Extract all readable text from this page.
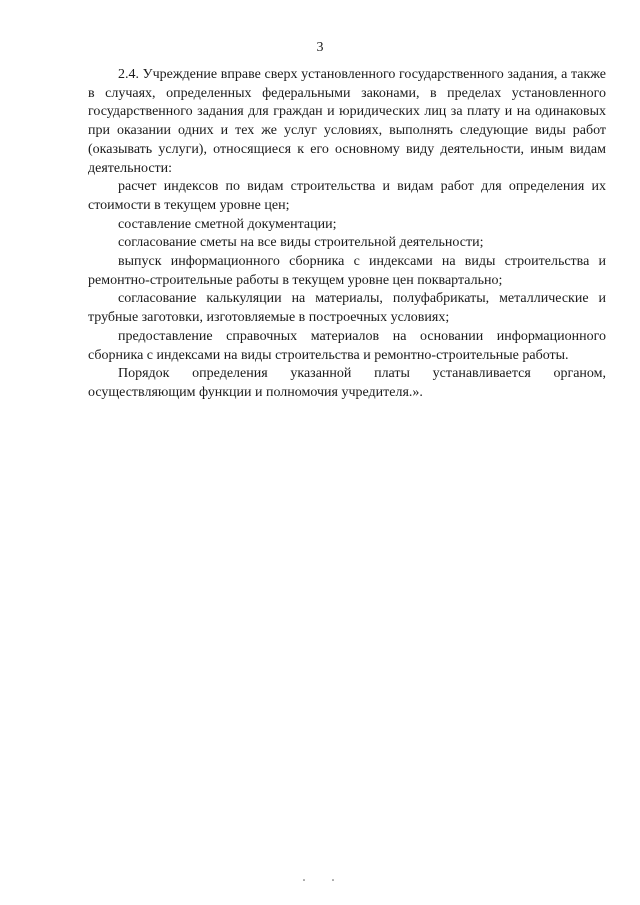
3

2.4. Учреждение вправе сверх установленного государственного задания, а также в случаях, определенных федеральными законами, в пределах установленного государственного задания для граждан и юридических лиц за плату и на одинаковых при оказании одних и тех же услуг условиях, выполнять следующие виды работ (оказывать услуги), относящиеся к его основному виду деятельности, иным видам деятельности:

расчет индексов по видам строительства и видам работ для определения их стоимости в текущем уровне цен;

составление сметной документации;

согласование сметы на все виды строительной деятельности;

выпуск информационного сборника с индексами на виды строительства и ремонтно-строительные работы в текущем уровне цен поквартально;

согласование калькуляции на материалы, полуфабрикаты, металлические и трубные заготовки, изготовляемые в построечных условиях;

предоставление справочных материалов на основании информационного сборника с индексами на виды строительства и ремонтно-строительные работы.

Порядок определения указанной платы устанавливается органом, осуществляющим функции и полномочия учредителя.».
